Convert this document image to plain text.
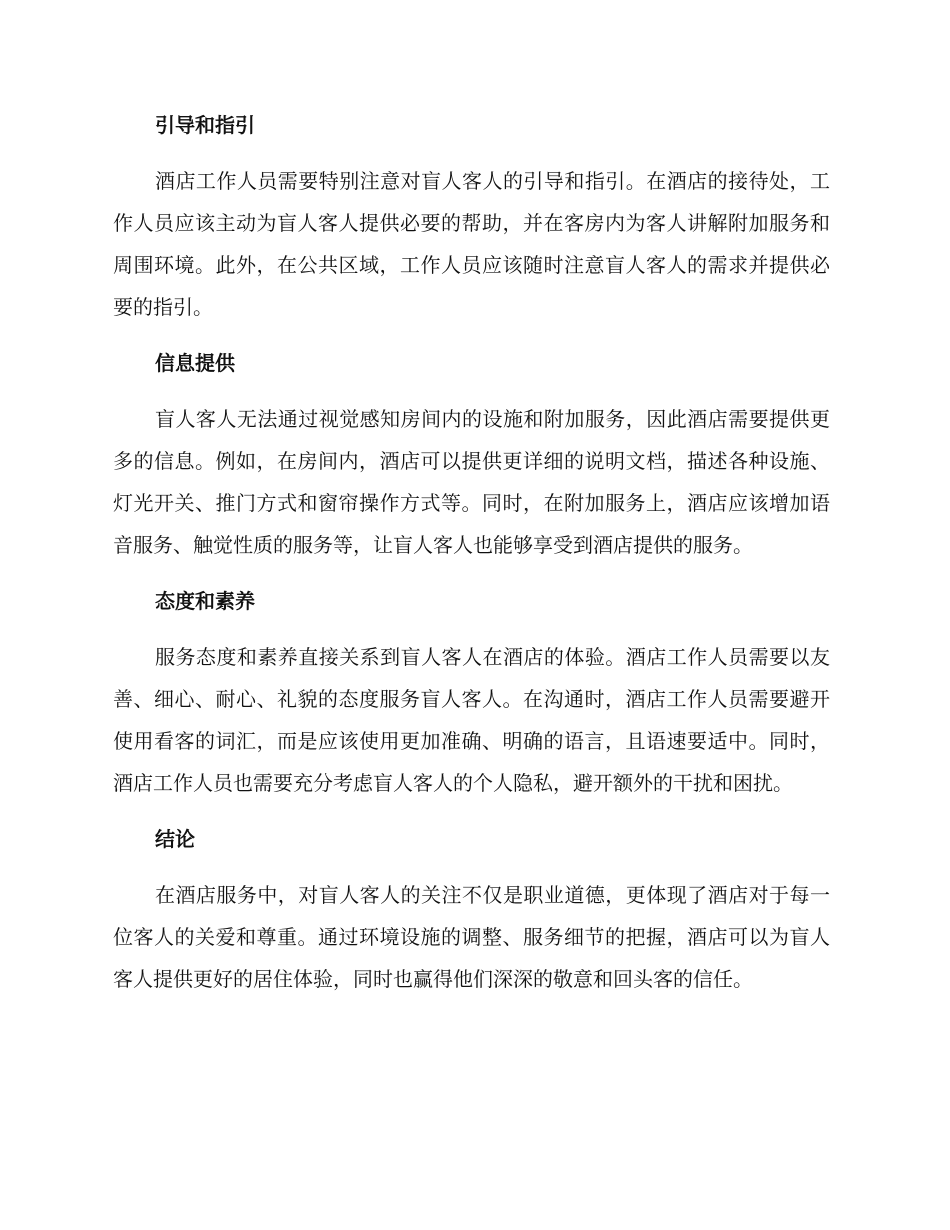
引导和指引

酒店工作人员需要特别注意对盲人客人的引导和指引。在酒店的接待处，工作人员应该主动为盲人客人提供必要的帮助，并在客房内为客人讲解附加服务和周围环境。此外，在公共区域，工作人员应该随时注意盲人客人的需求并提供必要的指引。

信息提供

盲人客人无法通过视觉感知房间内的设施和附加服务，因此酒店需要提供更多的信息。例如，在房间内，酒店可以提供更详细的说明文档，描述各种设施、灯光开关、推门方式和窗帘操作方式等。同时，在附加服务上，酒店应该增加语音服务、触觉性质的服务等，让盲人客人也能够享受到酒店提供的服务。

态度和素养

服务态度和素养直接关系到盲人客人在酒店的体验。酒店工作人员需要以友善、细心、耐心、礼貌的态度服务盲人客人。在沟通时，酒店工作人员需要避开使用看客的词汇，而是应该使用更加准确、明确的语言，且语速要适中。同时，酒店工作人员也需要充分考虑盲人客人的个人隐私，避开额外的干扰和困扰。

结论

在酒店服务中，对盲人客人的关注不仅是职业道德，更体现了酒店对于每一位客人的关爱和尊重。通过环境设施的调整、服务细节的把握，酒店可以为盲人客人提供更好的居住体验，同时也赢得他们深深的敬意和回头客的信任。
